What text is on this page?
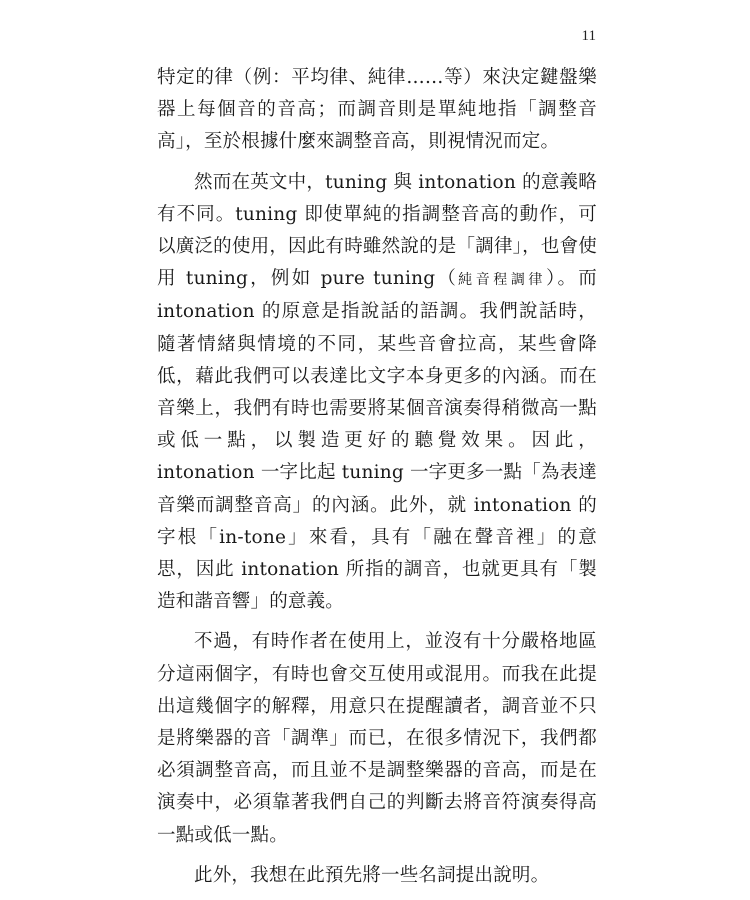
11

特定的律（例：平均律、純律……等）來決定鍵盤樂器上每個音的音高；而調音則是單純地指「調整音高」，至於根據什麼來調整音高，則視情況而定。

然而在英文中，tuning 與 intonation 的意義略有不同。tuning 即使單純的指調整音高的動作，可以廣泛的使用，因此有時雖然說的是「調律」，也會使用 tuning，例如 pure tuning（純音程調律）。而 intonation 的原意是指說話的語調。我們說話時，隨著情緒與情境的不同，某些音會拉高，某些會降低，藉此我們可以表達比文字本身更多的內涵。而在音樂上，我們有時也需要將某個音演奏得稍微高一點或低一點，以製造更好的聽覺效果。因此，intonation 一字比起 tuning 一字更多一點「為表達音樂而調整音高」的內涵。此外，就 intonation 的字根「in-tone」來看，具有「融在聲音裡」的意思，因此 intonation 所指的調音，也就更具有「製造和諧音響」的意義。

不過，有時作者在使用上，並沒有十分嚴格地區分這兩個字，有時也會交互使用或混用。而我在此提出這幾個字的解釋，用意只在提醒讀者，調音並不只是將樂器的音「調準」而已，在很多情況下，我們都必須調整音高，而且並不是調整樂器的音高，而是在演奏中，必須靠著我們自己的判斷去將音符演奏得高一點或低一點。

此外，我想在此預先將一些名詞提出說明。
